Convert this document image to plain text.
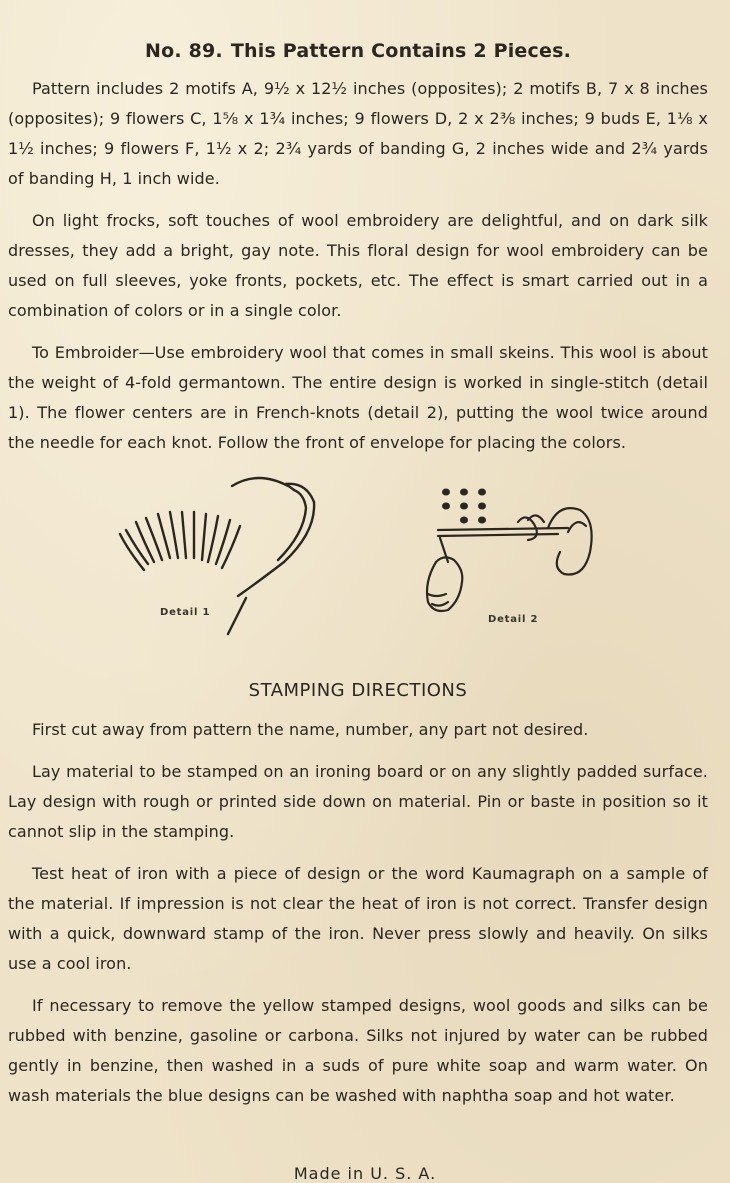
No. 89. This Pattern Contains 2 Pieces.

Pattern includes 2 motifs A, 9½ x 12½ inches (opposites); 2 motifs B, 7 x 8 inches (opposites); 9 flowers C, 1⅝ x 1¾ inches; 9 flowers D, 2 x 2⅜ inches; 9 buds E, 1⅛ x 1½ inches; 9 flowers F, 1½ x 2; 2¾ yards of banding G, 2 inches wide and 2¾ yards of banding H, 1 inch wide.

On light frocks, soft touches of wool embroidery are delightful, and on dark silk dresses, they add a bright, gay note. This floral design for wool embroidery can be used on full sleeves, yoke fronts, pockets, etc. The effect is smart carried out in a combination of colors or in a single color.

To Embroider—Use embroidery wool that comes in small skeins. This wool is about the weight of 4-fold germantown. The entire design is worked in single-stitch (detail 1). The flower centers are in French-knots (detail 2), putting the wool twice around the needle for each knot. Follow the front of envelope for placing the colors.

Detail 1
Detail 2
STAMPING DIRECTIONS

First cut away from pattern the name, number, any part not desired.

Lay material to be stamped on an ironing board or on any slightly padded surface. Lay design with rough or printed side down on material. Pin or baste in position so it cannot slip in the stamping.

Test heat of iron with a piece of design or the word Kaumagraph on a sample of the material. If impression is not clear the heat of iron is not correct. Transfer design with a quick, downward stamp of the iron. Never press slowly and heavily. On silks use a cool iron.

If necessary to remove the yellow stamped designs, wool goods and silks can be rubbed with benzine, gasoline or carbona. Silks not injured by water can be rubbed gently in benzine, then washed in a suds of pure white soap and warm water. On wash materials the blue designs can be washed with naphtha soap and hot water.

Made in U. S. A.
